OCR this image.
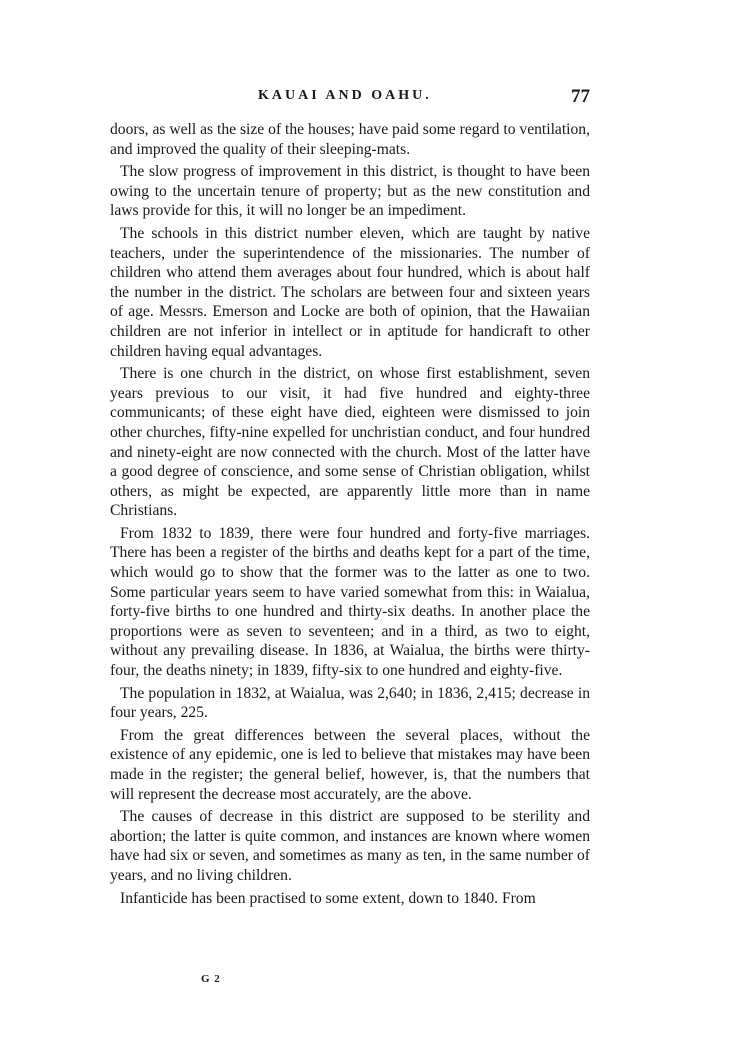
KAUAI AND OAHU.	77

doors, as well as the size of the houses; have paid some regard to ventilation, and improved the quality of their sleeping-mats.

The slow progress of improvement in this district, is thought to have been owing to the uncertain tenure of property; but as the new constitution and laws provide for this, it will no longer be an impediment.

The schools in this district number eleven, which are taught by native teachers, under the superintendence of the missionaries. The number of children who attend them averages about four hundred, which is about half the number in the district. The scholars are between four and sixteen years of age. Messrs. Emerson and Locke are both of opinion, that the Hawaiian children are not inferior in intellect or in aptitude for handicraft to other children having equal advantages.

There is one church in the district, on whose first establishment, seven years previous to our visit, it had five hundred and eighty-three communicants; of these eight have died, eighteen were dismissed to join other churches, fifty-nine expelled for unchristian conduct, and four hundred and ninety-eight are now connected with the church. Most of the latter have a good degree of conscience, and some sense of Christian obligation, whilst others, as might be expected, are apparently little more than in name Christians.

From 1832 to 1839, there were four hundred and forty-five marriages. There has been a register of the births and deaths kept for a part of the time, which would go to show that the former was to the latter as one to two. Some particular years seem to have varied somewhat from this: in Waialua, forty-five births to one hundred and thirty-six deaths. In another place the proportions were as seven to seventeen; and in a third, as two to eight, without any prevailing disease. In 1836, at Waialua, the births were thirty-four, the deaths ninety; in 1839, fifty-six to one hundred and eighty-five.

The population in 1832, at Waialua, was 2,640; in 1836, 2,415; decrease in four years, 225.

From the great differences between the several places, without the existence of any epidemic, one is led to believe that mistakes may have been made in the register; the general belief, however, is, that the numbers that will represent the decrease most accurately, are the above.

The causes of decrease in this district are supposed to be sterility and abortion; the latter is quite common, and instances are known where women have had six or seven, and sometimes as many as ten, in the same number of years, and no living children.

Infanticide has been practised to some extent, down to 1840. From

G 2
